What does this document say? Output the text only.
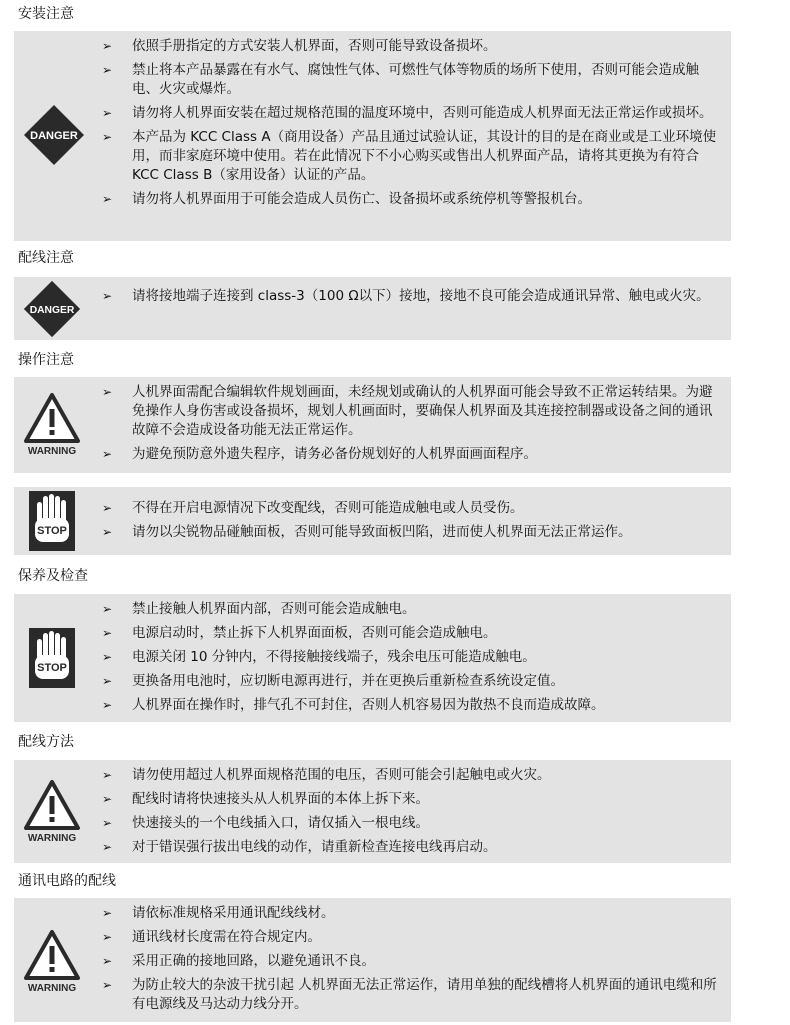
安装注意
DANGER
➢ 依照手册指定的方式安装人机界面，否则可能导致设备损坏。
➢ 禁止将本产品暴露在有水气、腐蚀性气体、可燃性气体等物质的场所下使用，否则可能会造成触电、火灾或爆炸。
➢ 请勿将人机界面安装在超过规格范围的温度环境中，否则可能造成人机界面无法正常运作或损坏。
➢ 本产品为 KCC Class A（商用设备）产品且通过试验认证，其设计的目的是在商业或是工业环境使用，而非家庭环境中使用。若在此情况下不小心购买或售出人机界面产品，请将其更换为有符合 KCC Class B（家用设备）认证的产品。
➢ 请勿将人机界面用于可能会造成人员伤亡、设备损坏或系统停机等警报机台。
配线注意
DANGER
➢ 请将接地端子连接到 class-3（100 Ω以下）接地，接地不良可能会造成通讯异常、触电或火灾。
操作注意
WARNING
➢ 人机界面需配合编辑软件规划画面，未经规划或确认的人机界面可能会导致不正常运转结果。为避免操作人身伤害或设备损坏，规划人机画面时，要确保人机界面及其连接控制器或设备之间的通讯故障不会造成设备功能无法正常运作。
➢ 为避免预防意外遗失程序，请务必备份规划好的人机界面画面程序。
STOP
➢ 不得在开启电源情况下改变配线，否则可能造成触电或人员受伤。
➢ 请勿以尖锐物品碰触面板，否则可能导致面板凹陷，进而使人机界面无法正常运作。
保养及检查
STOP
➢ 禁止接触人机界面内部，否则可能会造成触电。
➢ 电源启动时，禁止拆下人机界面面板，否则可能会造成触电。
➢ 电源关闭 10 分钟内，不得接触接线端子，残余电压可能造成触电。
➢ 更换备用电池时，应切断电源再进行，并在更换后重新检查系统设定值。
➢ 人机界面在操作时，排气孔不可封住，否则人机容易因为散热不良而造成故障。
配线方法
WARNING
➢ 请勿使用超过人机界面规格范围的电压，否则可能会引起触电或火灾。
➢ 配线时请将快速接头从人机界面的本体上拆下来。
➢ 快速接头的一个电线插入口，请仅插入一根电线。
➢ 对于错误强行拔出电线的动作，请重新检查连接电线再启动。
通讯电路的配线
WARNING
➢ 请依标准规格采用通讯配线线材。
➢ 通讯线材长度需在符合规定内。
➢ 采用正确的接地回路，以避免通讯不良。
➢ 为防止较大的杂波干扰引起 人机界面无法正常运作，请用单独的配线槽将人机界面的通讯电缆和所有电源线及马达动力线分开。
